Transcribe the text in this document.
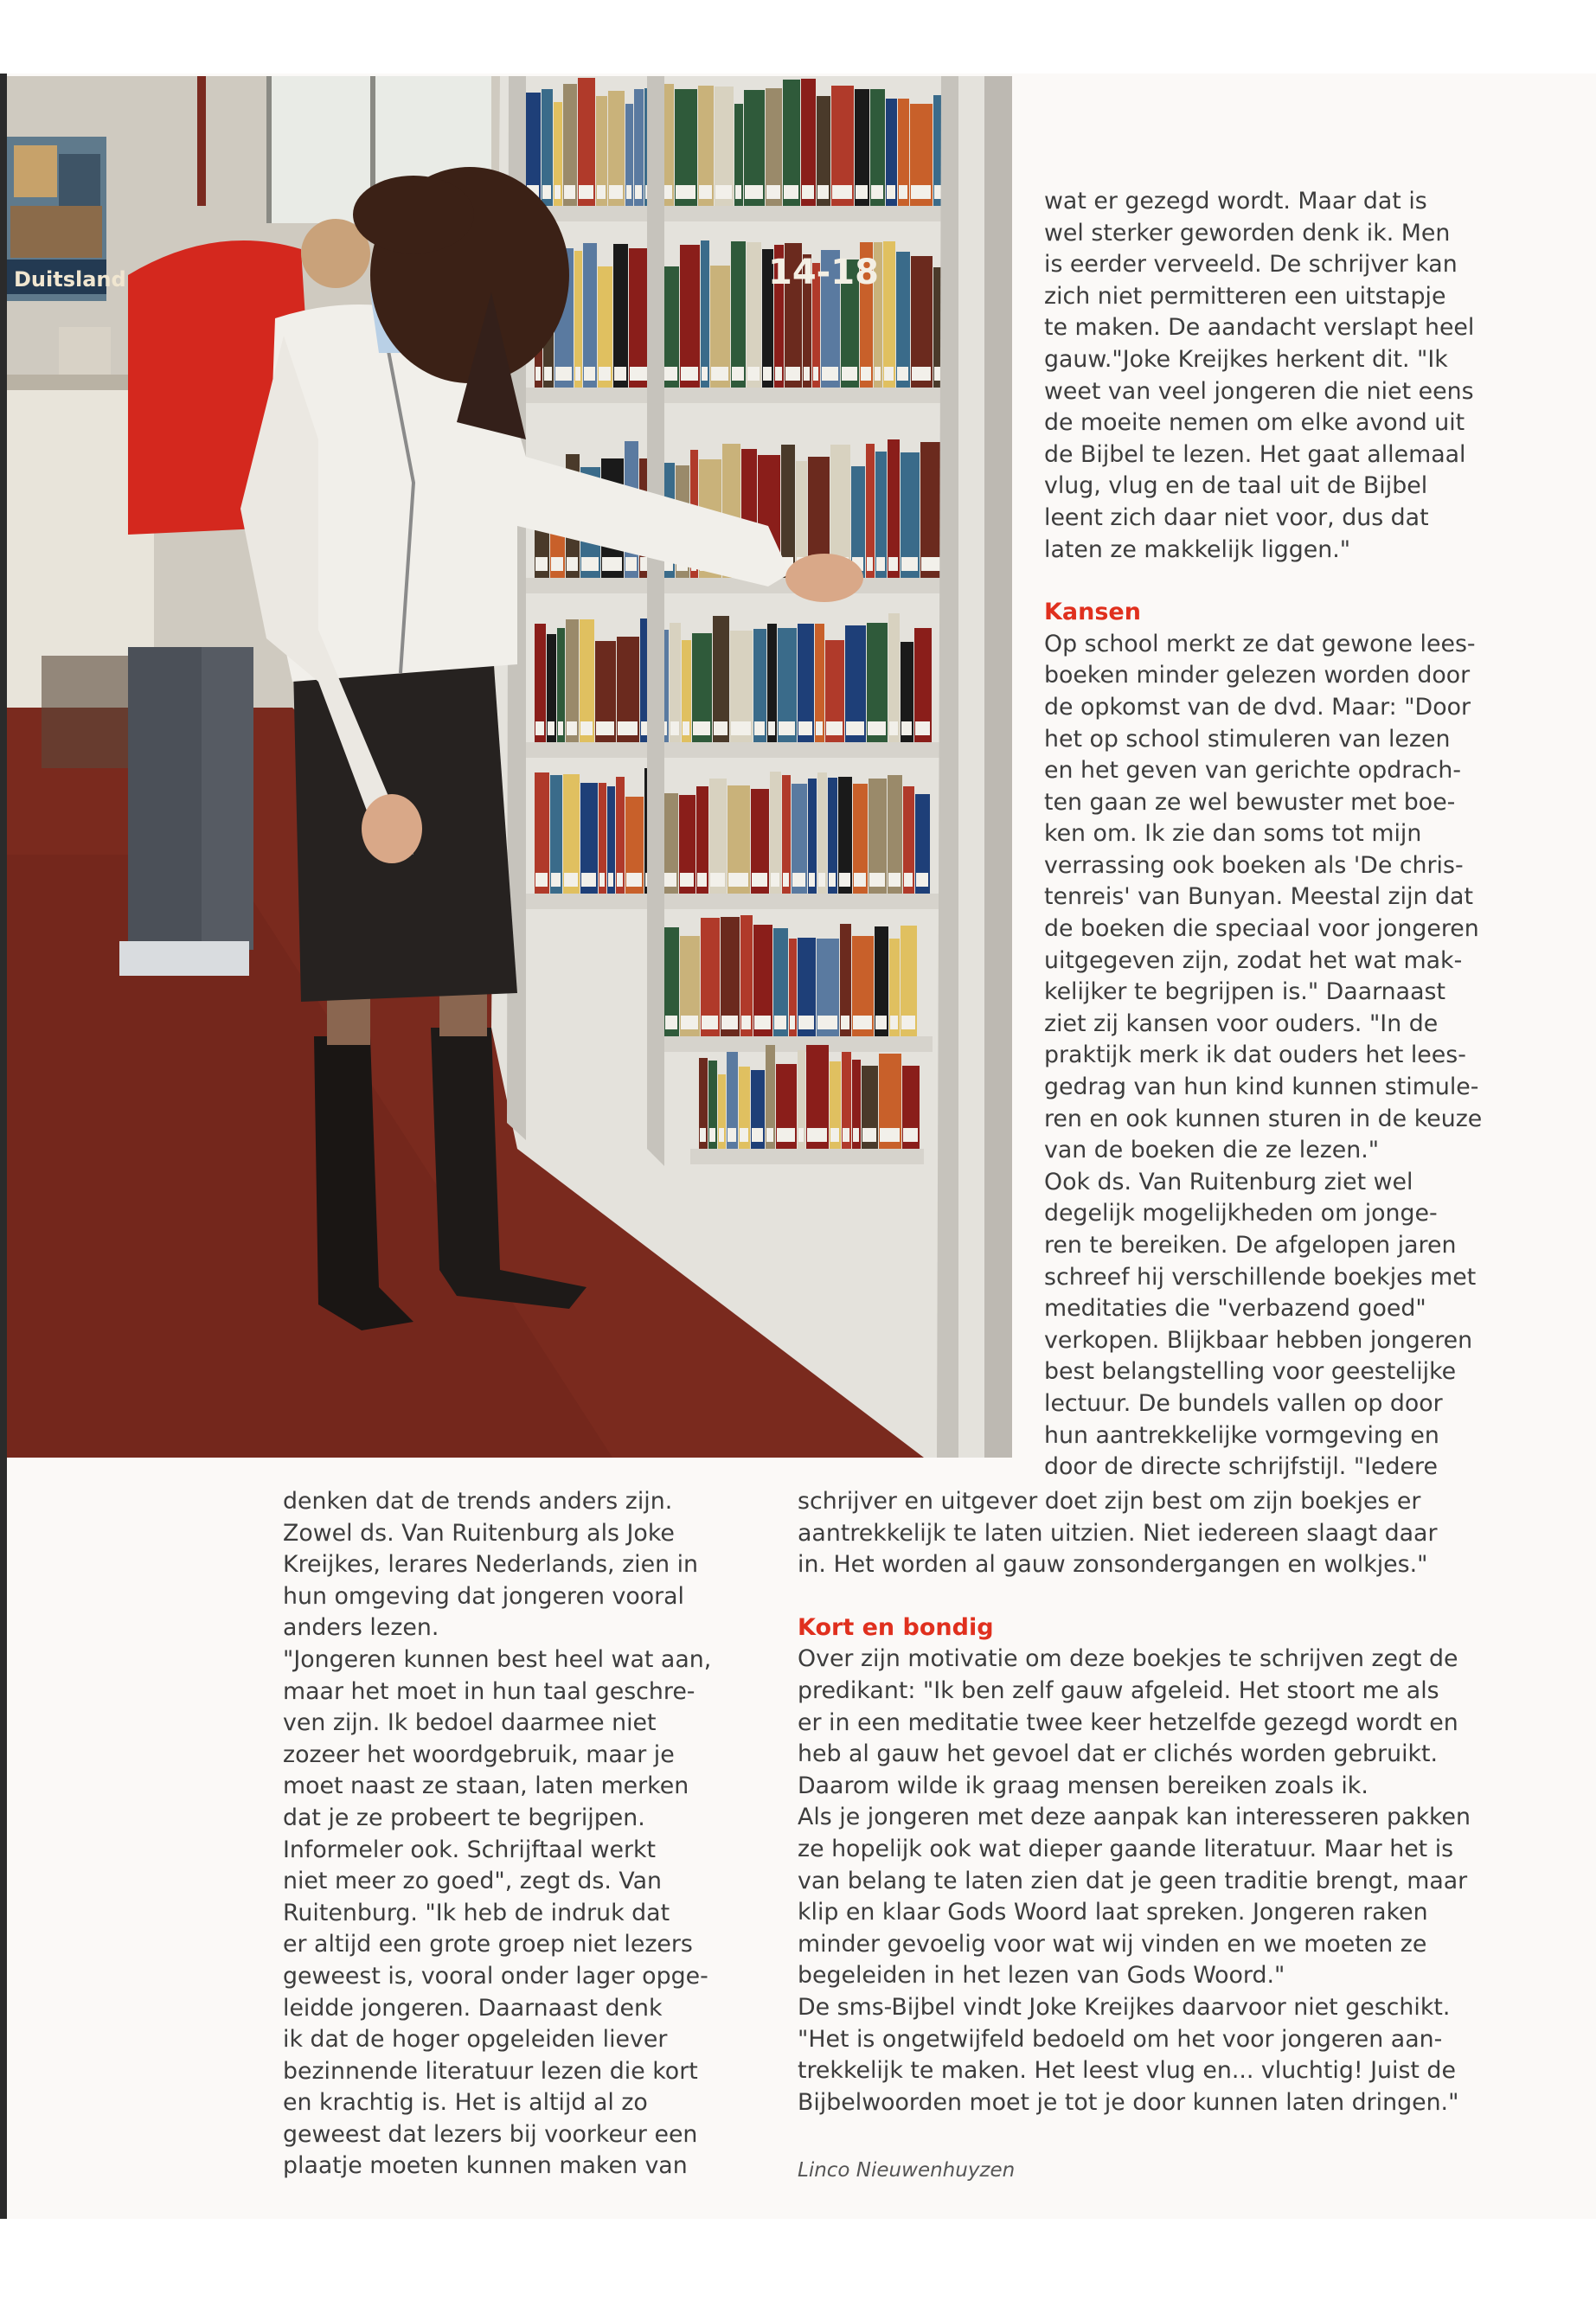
Duitsland	14-18
wat er gezegd wordt. Maar dat is
wel sterker geworden denk ik. Men
is eerder verveeld. De schrijver kan
zich niet permitteren een uitstapje
te maken. De aandacht verslapt heel
gauw."Joke Kreijkes herkent dit. "Ik
weet van veel jongeren die niet eens
de moeite nemen om elke avond uit
de Bijbel te lezen. Het gaat allemaal
vlug, vlug en de taal uit de Bijbel
leent zich daar niet voor, dus dat
laten ze makkelijk liggen."
Kansen
Op school merkt ze dat gewone lees-
boeken minder gelezen worden door
de opkomst van de dvd. Maar: "Door
het op school stimuleren van lezen
en het geven van gerichte opdrach-
ten gaan ze wel bewuster met boe-
ken om. Ik zie dan soms tot mijn
verrassing ook boeken als 'De chris-
tenreis' van Bunyan. Meestal zijn dat
de boeken die speciaal voor jongeren
uitgegeven zijn, zodat het wat mak-
kelijker te begrijpen is." Daarnaast
ziet zij kansen voor ouders. "In de
praktijk merk ik dat ouders het lees-
gedrag van hun kind kunnen stimule-
ren en ook kunnen sturen in de keuze
van de boeken die ze lezen."
Ook ds. Van Ruitenburg ziet wel
degelijk mogelijkheden om jonge-
ren te bereiken. De afgelopen jaren
schreef hij verschillende boekjes met
meditaties die "verbazend goed"
verkopen. Blijkbaar hebben jongeren
best belangstelling voor geestelijke
lectuur. De bundels vallen op door
hun aantrekkelijke vormgeving en
door de directe schrijfstijl. "Iedere
denken dat de trends anders zijn.
Zowel ds. Van Ruitenburg als Joke
Kreijkes, lerares Nederlands, zien in
hun omgeving dat jongeren vooral
anders lezen.
"Jongeren kunnen best heel wat aan,
maar het moet in hun taal geschre-
ven zijn. Ik bedoel daarmee niet
zozeer het woordgebruik, maar je
moet naast ze staan, laten merken
dat je ze probeert te begrijpen.
Informeler ook. Schrijftaal werkt
niet meer zo goed", zegt ds. Van
Ruitenburg. "Ik heb de indruk dat
er altijd een grote groep niet lezers
geweest is, vooral onder lager opge-
leidde jongeren. Daarnaast denk
ik dat de hoger opgeleiden liever
bezinnende literatuur lezen die kort
en krachtig is. Het is altijd al zo
geweest dat lezers bij voorkeur een
plaatje moeten kunnen maken van
schrijver en uitgever doet zijn best om zijn boekjes er
aantrekkelijk te laten uitzien. Niet iedereen slaagt daar
in. Het worden al gauw zonsondergangen en wolkjes."
Kort en bondig
Over zijn motivatie om deze boekjes te schrijven zegt de
predikant: "Ik ben zelf gauw afgeleid. Het stoort me als
er in een meditatie twee keer hetzelfde gezegd wordt en
heb al gauw het gevoel dat er clichés worden gebruikt.
Daarom wilde ik graag mensen bereiken zoals ik.
Als je jongeren met deze aanpak kan interesseren pakken
ze hopelijk ook wat dieper gaande literatuur. Maar het is
van belang te laten zien dat je geen traditie brengt, maar
klip en klaar Gods Woord laat spreken. Jongeren raken
minder gevoelig voor wat wij vinden en we moeten ze
begeleiden in het lezen van Gods Woord."
De sms-Bijbel vindt Joke Kreijkes daarvoor niet geschikt.
"Het is ongetwijfeld bedoeld om het voor jongeren aan-
trekkelijk te maken. Het leest vlug en... vluchtig! Juist de
Bijbelwoorden moet je tot je door kunnen laten dringen."
Linco Nieuwenhuyzen
